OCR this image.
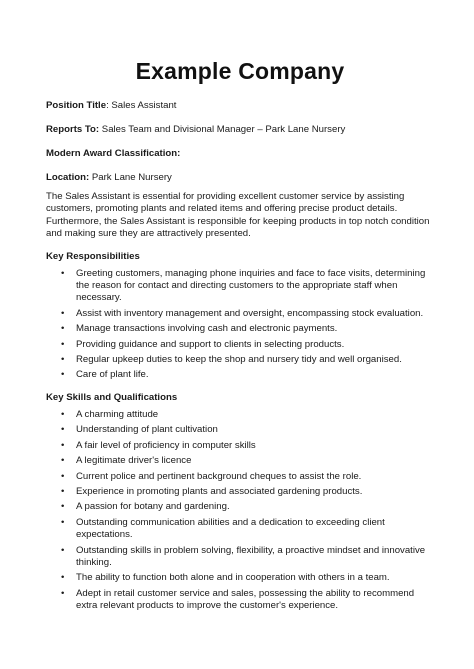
Example Company

Position Title: Sales Assistant

Reports To: Sales Team and Divisional Manager – Park Lane Nursery

Modern Award Classification:

Location: Park Lane Nursery

The Sales Assistant is essential for providing excellent customer service by assisting customers, promoting plants and related items and offering precise product details. Furthermore, the Sales Assistant is responsible for keeping products in top notch condition and making sure they are attractively presented.

Key Responsibilities
• Greeting customers, managing phone inquiries and face to face visits, determining the reason for contact and directing customers to the appropriate staff when necessary.
• Assist with inventory management and oversight, encompassing stock evaluation.
• Manage transactions involving cash and electronic payments.
• Providing guidance and support to clients in selecting products.
• Regular upkeep duties to keep the shop and nursery tidy and well organised.
• Care of plant life.
Key Skills and Qualifications
• A charming attitude
• Understanding of plant cultivation
• A fair level of proficiency in computer skills
• A legitimate driver's licence
• Current police and pertinent background cheques to assist the role.
• Experience in promoting plants and associated gardening products.
• A passion for botany and gardening.
• Outstanding communication abilities and a dedication to exceeding client expectations.
• Outstanding skills in problem solving, flexibility, a proactive mindset and innovative thinking.
• The ability to function both alone and in cooperation with others in a team.
• Adept in retail customer service and sales, possessing the ability to recommend extra relevant products to improve the customer's experience.
